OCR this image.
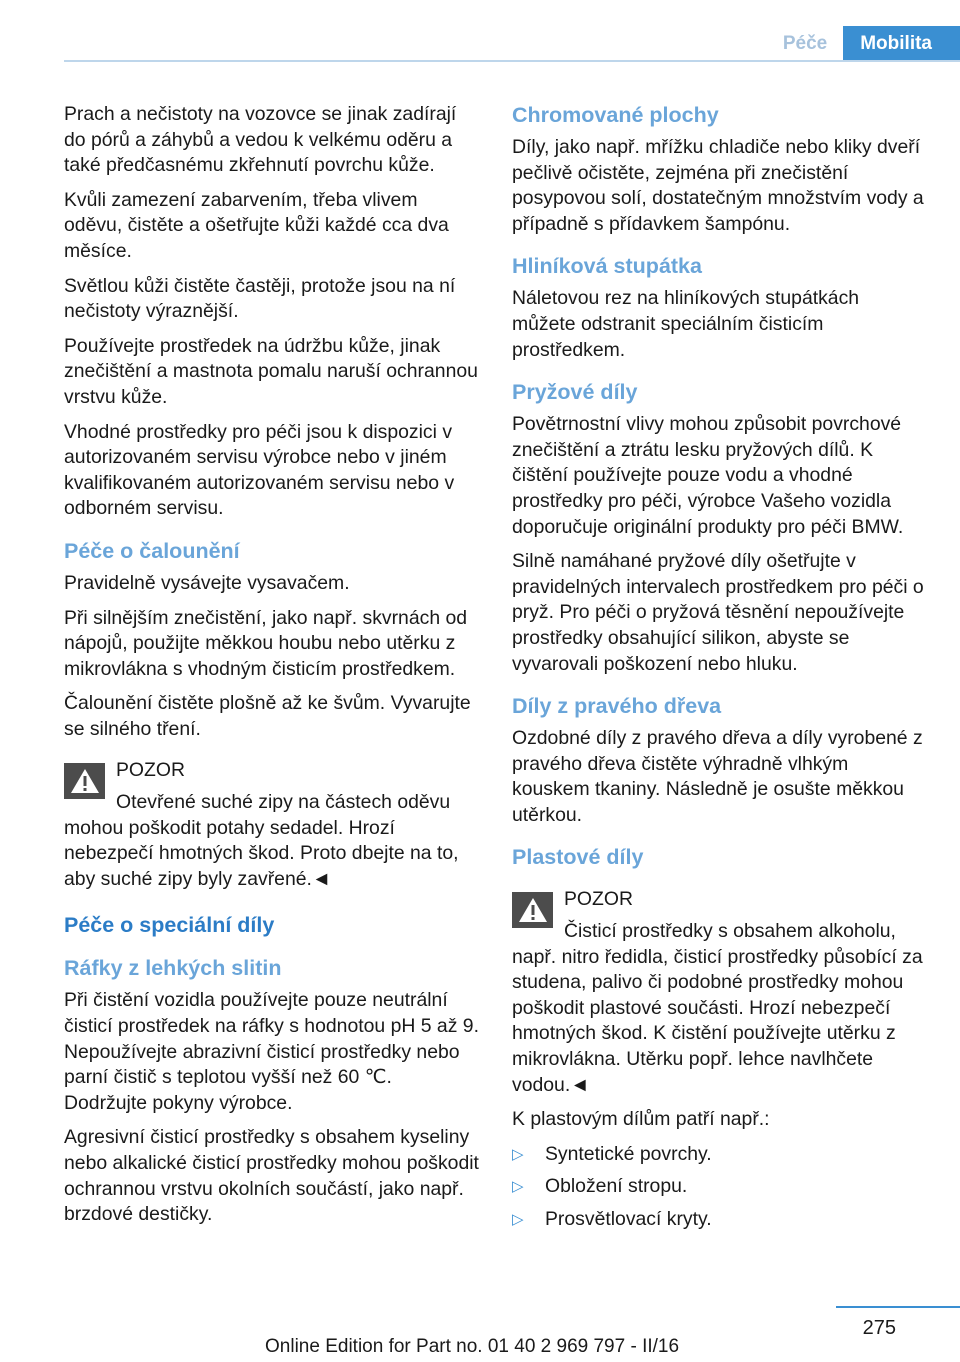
Péče	Mobilita

Prach a nečistoty na vozovce se jinak zadírají do pórů a záhybů a vedou k velkému oděru a také předčasnému zkřehnutí povrchu kůže.

Kvůli zamezení zabarvením, třeba vlivem oděvu, čistěte a ošetřujte kůži každé cca dva měsíce.

Světlou kůži čistěte častěji, protože jsou na ní nečistoty výraznější.

Používejte prostředek na údržbu kůže, jinak znečištění a mastnota pomalu naruší ochrannou vrstvu kůže.

Vhodné prostředky pro péči jsou k dispozici v autorizovaném servisu výrobce nebo v jiném kvalifikovaném autorizovaném servisu nebo v odborném servisu.

Péče o čalounění

Pravidelně vysávejte vysavačem.

Při silnějším znečistění, jako např. skvrnách od nápojů, použijte měkkou houbu nebo utěrku z mikrovlákna s vhodným čisticím prostředkem.

Čalounění čistěte plošně až ke švům. Vyvarujte se silného tření.

POZOR

Otevřené suché zipy na částech oděvu mohou poškodit potahy sedadel. Hrozí nebezpečí hmotných škod. Proto dbejte na to, aby suché zipy byly zavřené.◄

Péče o speciální díly
Ráfky z lehkých slitin

Při čistění vozidla používejte pouze neutrální čisticí prostředek na ráfky s hodnotou pH 5 až 9. Nepoužívejte abrazivní čisticí prostředky nebo parní čistič s teplotou vyšší než 60 ℃. Dodržujte pokyny výrobce.

Agresivní čisticí prostředky s obsahem kyseliny nebo alkalické čisticí prostředky mohou poškodit ochrannou vrstvu okolních součástí, jako např. brzdové destičky.

Chromované plochy

Díly, jako např. mřížku chladiče nebo kliky dveří pečlivě očistěte, zejména při znečistění posypovou solí, dostatečným množstvím vody a případně s přídavkem šampónu.

Hliníková stupátka

Náletovou rez na hliníkových stupátkách můžete odstranit speciálním čisticím prostředkem.

Pryžové díly

Povětrnostní vlivy mohou způsobit povrchové znečištění a ztrátu lesku pryžových dílů. K čištění používejte pouze vodu a vhodné prostředky pro péči, výrobce Vašeho vozidla doporučuje originální produkty pro péči BMW.

Silně namáhané pryžové díly ošetřujte v pravidelných intervalech prostředkem pro péči o pryž. Pro péči o pryžová těsnění nepoužívejte prostředky obsahující silikon, abyste se vyvarovali poškození nebo hluku.

Díly z pravého dřeva

Ozdobné díly z pravého dřeva a díly vyrobené z pravého dřeva čistěte výhradně vlhkým kouskem tkaniny. Následně je osušte měkkou utěrkou.

Plastové díly
POZOR

Čisticí prostředky s obsahem alkoholu, např. nitro ředidla, čisticí prostředky působící za studena, palivo či podobné prostředky mohou poškodit plastové součásti. Hrozí nebezpečí hmotných škod. K čistění používejte utěrku z mikrovlákna. Utěrku popř. lehce navlhčete vodou.◄

K plastovým dílům patří např.:

▷ Syntetické povrchy.
▷ Obložení stropu.
▷ Prosvětlovací kryty.
275
Online Edition for Part no. 01 40 2 969 797 - II/16
